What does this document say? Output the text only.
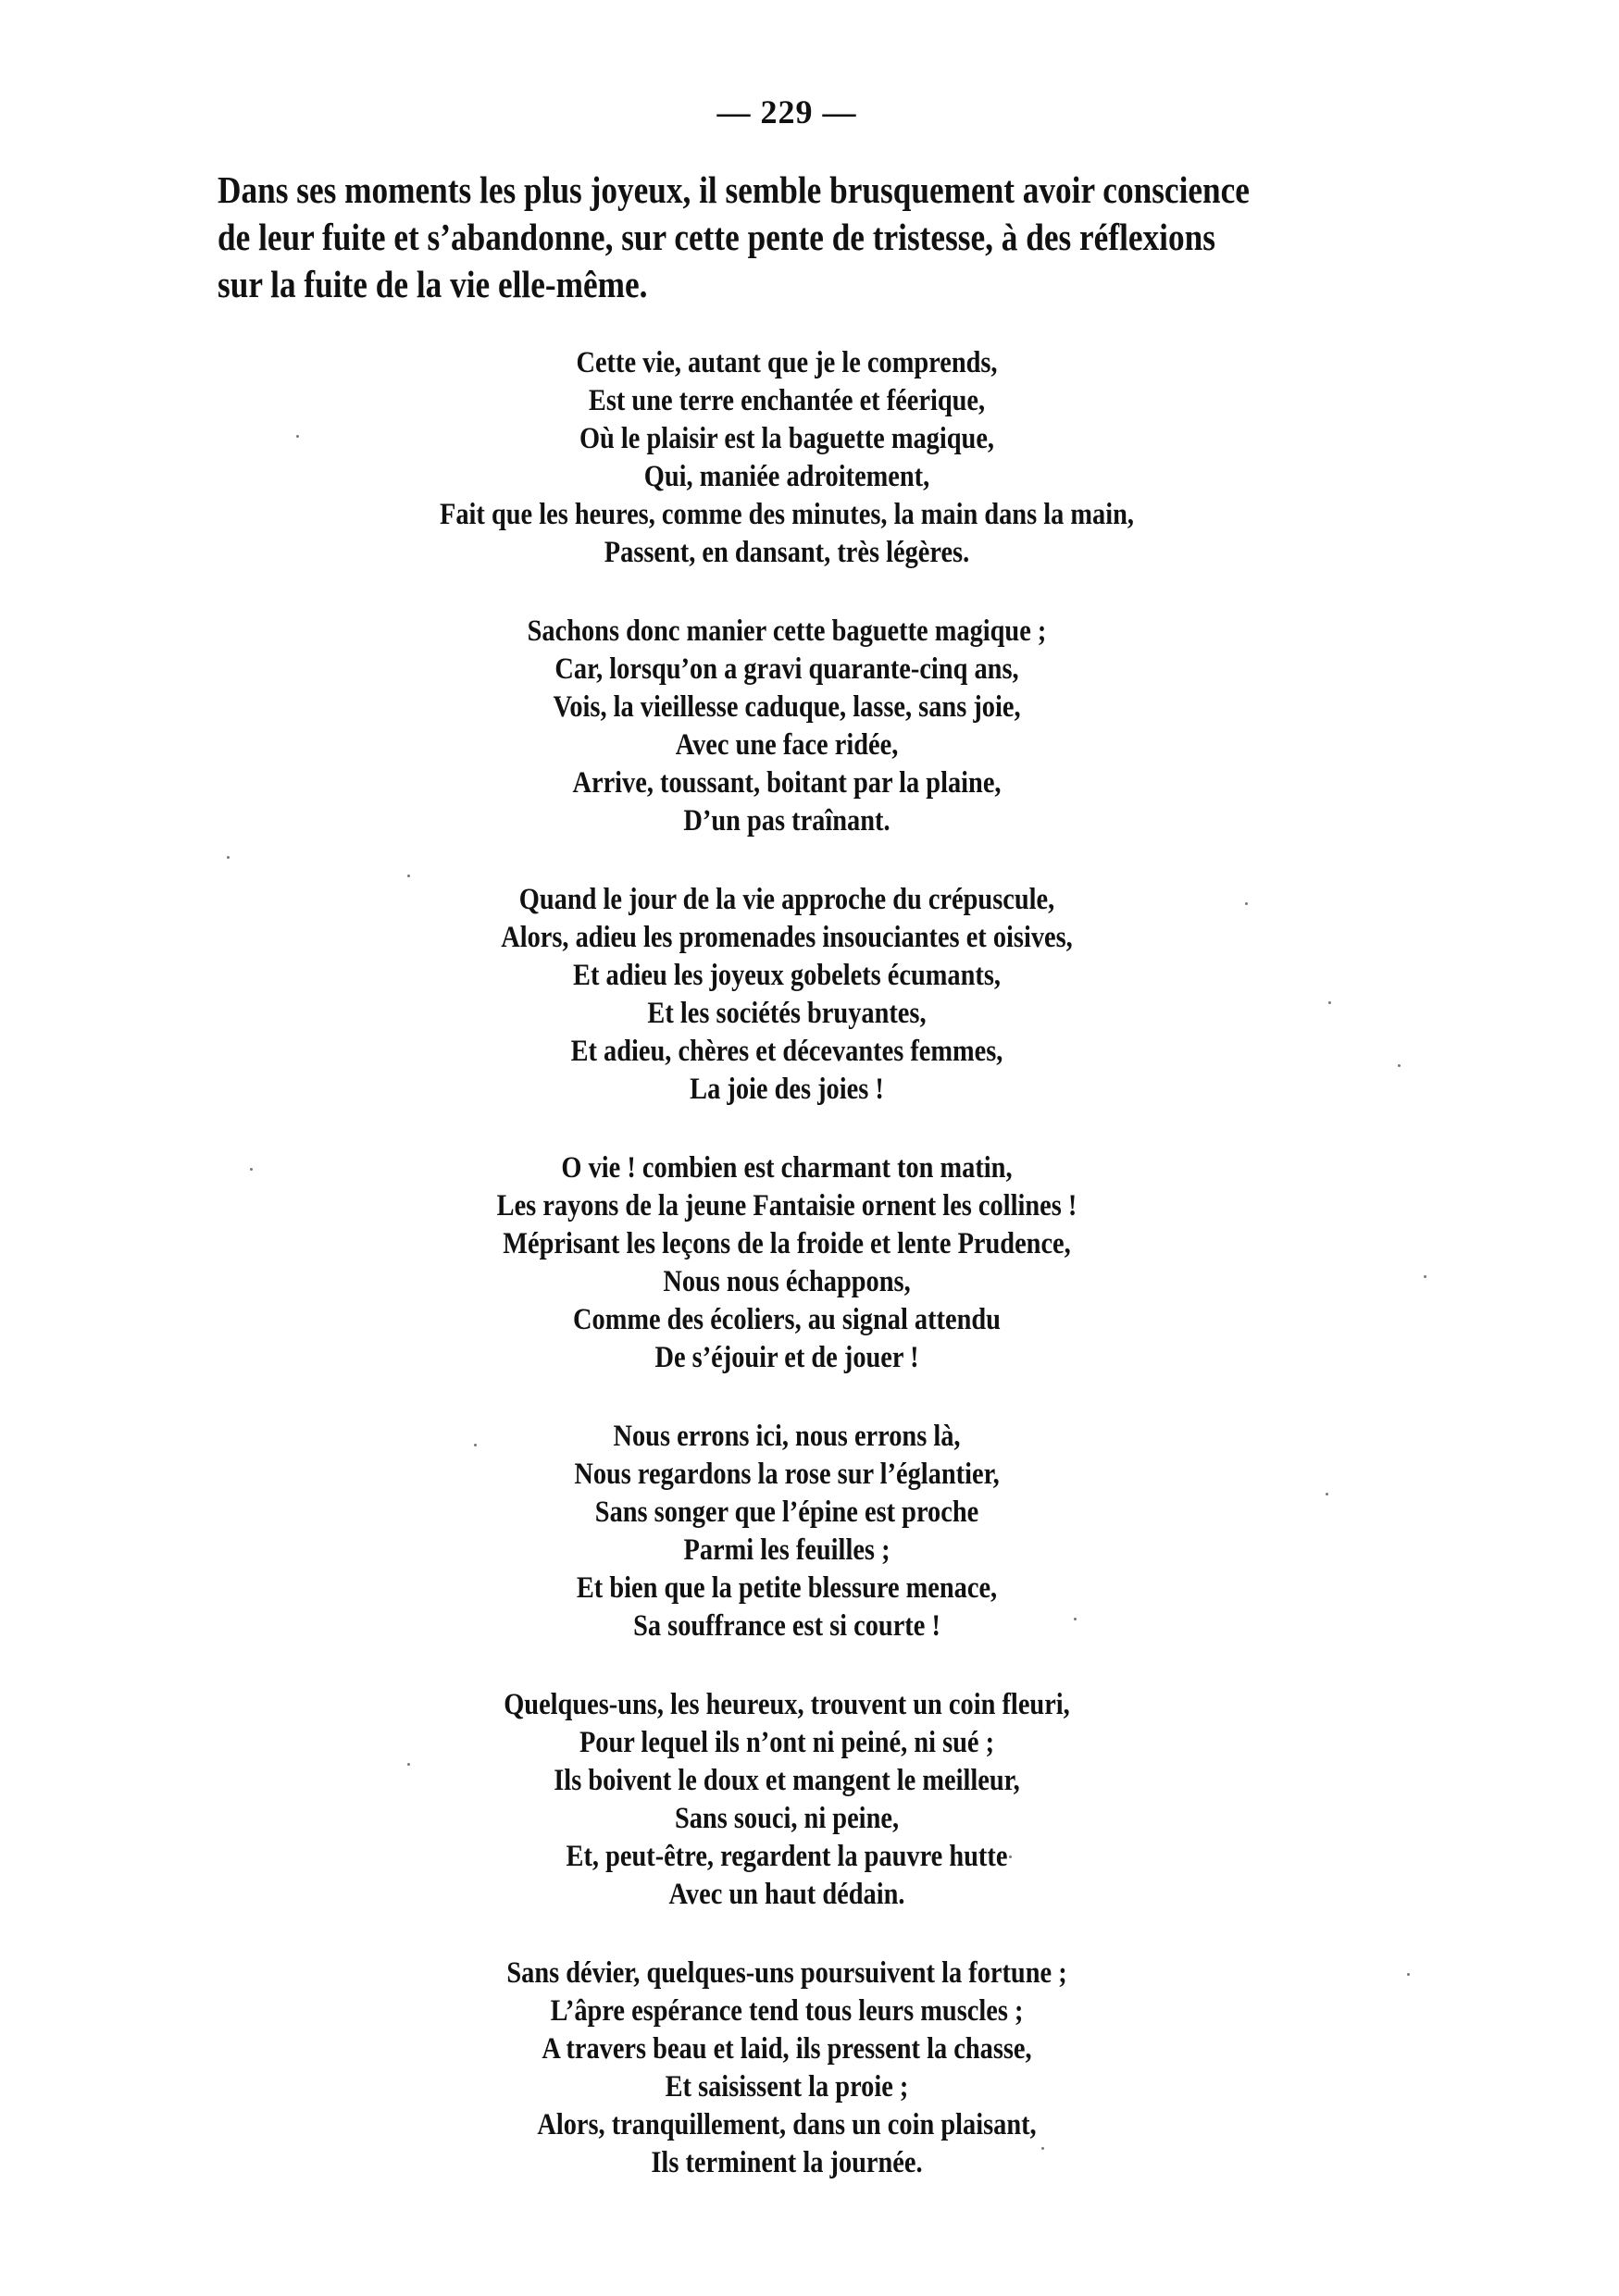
— 229 —

Dans ses moments les plus joyeux, il semble brusquement avoir conscience

de leur fuite et s’abandonne, sur cette pente de tristesse, à des réflexions

sur la fuite de la vie elle-même.

Cette vie, autant que je le comprends,
Est une terre enchantée et féerique,
Où le plaisir est la baguette magique,
Qui, maniée adroitement,
Fait que les heures, comme des minutes, la main dans la main,
Passent, en dansant, très légères.
Sachons donc manier cette baguette magique ;
Car, lorsqu’on a gravi quarante-cinq ans,
Vois, la vieillesse caduque, lasse, sans joie,
Avec une face ridée,
Arrive, toussant, boitant par la plaine,
D’un pas traînant.
Quand le jour de la vie approche du crépuscule,
Alors, adieu les promenades insouciantes et oisives,
Et adieu les joyeux gobelets écumants,
Et les sociétés bruyantes,
Et adieu, chères et décevantes femmes,
La joie des joies !
O vie ! combien est charmant ton matin,
Les rayons de la jeune Fantaisie ornent les collines !
Méprisant les leçons de la froide et lente Prudence,
Nous nous échappons,
Comme des écoliers, au signal attendu
De s’éjouir et de jouer !
Nous errons ici, nous errons là,
Nous regardons la rose sur l’églantier,
Sans songer que l’épine est proche
Parmi les feuilles ;
Et bien que la petite blessure menace,
Sa souffrance est si courte !
Quelques-uns, les heureux, trouvent un coin fleuri,
Pour lequel ils n’ont ni peiné, ni sué ;
Ils boivent le doux et mangent le meilleur,
Sans souci, ni peine,
Et, peut-être, regardent la pauvre hutte
Avec un haut dédain.
Sans dévier, quelques-uns poursuivent la fortune ;
L’âpre espérance tend tous leurs muscles ;
A travers beau et laid, ils pressent la chasse,
Et saisissent la proie ;
Alors, tranquillement, dans un coin plaisant,
Ils terminent la journée.
